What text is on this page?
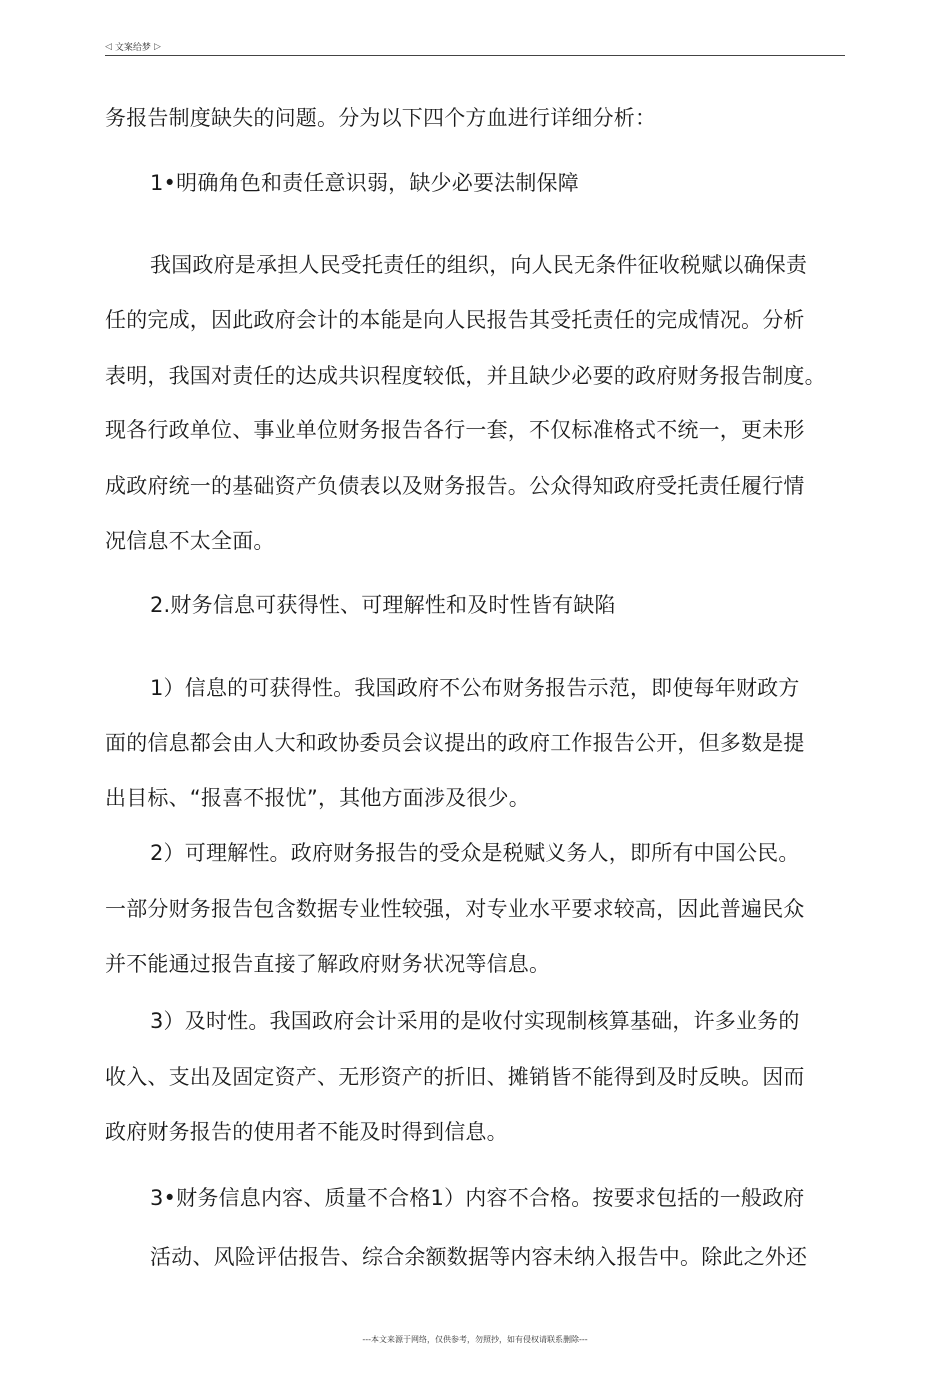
◁ 文案给梦 ▷
务报告制度缺失的问题。分为以下四个方血进行详细分析：
1•明确角色和责任意识弱，缺少必要法制保障
我国政府是承担人民受托责任的组织，向人民无条件征收税赋以确保责
任的完成，因此政府会计的本能是向人民报告其受托责任的完成情况。分析
表明，我国对责任的达成共识程度较低，并且缺少必要的政府财务报告制度。
现各行政单位、事业单位财务报告各行一套，不仅标准格式不统一，更未形
成政府统一的基础资产负债表以及财务报告。公众得知政府受托责任履行情
况信息不太全面。
2.财务信息可获得性、可理解性和及时性皆有缺陷
1）信息的可获得性。我国政府不公布财务报告示范，即使每年财政方
面的信息都会由人大和政协委员会议提出的政府工作报告公开，但多数是提
出目标、“报喜不报忧”，其他方面涉及很少。
2）可理解性。政府财务报告的受众是税赋义务人，即所有中国公民。
一部分财务报告包含数据专业性较强，对专业水平要求较高，因此普遍民众
并不能通过报告直接了解政府财务状况等信息。
3）及时性。我国政府会计采用的是收付实现制核算基础，许多业务的
收入、支出及固定资产、无形资产的折旧、摊销皆不能得到及时反映。因而
政府财务报告的使用者不能及时得到信息。
3•财务信息内容、质量不合格1）内容不合格。按要求包括的一般政府
活动、风险评估报告、综合余额数据等内容未纳入报告中。除此之外还
---本文来源于网络，仅供参考，勿照抄，如有侵权请联系删除---
